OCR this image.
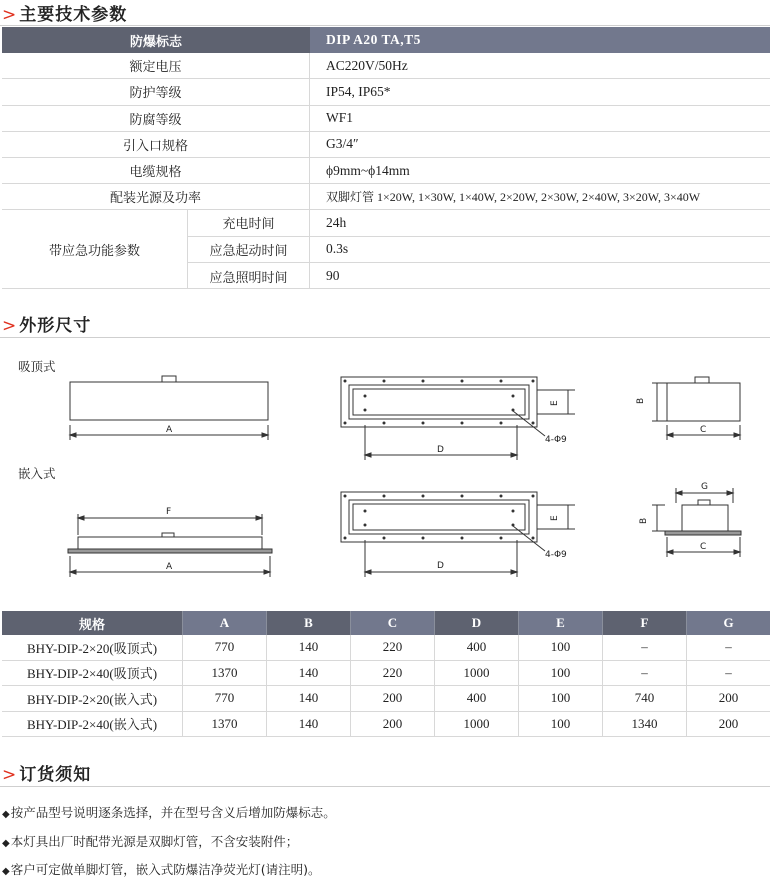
> 主要技术参数
防爆标志	DIP A20 TA,T5
额定电压	AC220V/50Hz
防护等级	IP54, IP65*
防腐等级	WF1
引入口规格	G3/4″
电缆规格	ϕ9mm~ϕ14mm
配装光源及功率	双脚灯管 1×20W, 1×30W, 1×40W, 2×20W, 2×30W, 2×40W, 3×20W, 3×40W
带应急功能参数
充电时间	24h
应急起动时间	0.3s
应急照明时间	90
> 外形尺寸
吸顶式
嵌入式
A
D
E
4-Φ9
B
C
F
A	D
E
4-Φ9
G
B
C
规格	A	B	C	D	E	F	G
BHY-DIP-2×20(吸顶式)	770	140	220	400	100	–	–
BHY-DIP-2×40(吸顶式)	1370	140	220	1000	100	–	–
BHY-DIP-2×20(嵌入式)	770	140	200	400	100	740	200
BHY-DIP-2×40(嵌入式)	1370	140	200	1000	100	1340	200
> 订货须知
◆ 按产品型号说明逐条选择，并在型号含义后增加防爆标志。
◆ 本灯具出厂时配带光源是双脚灯管，不含安装附件；
◆ 客户可定做单脚灯管，嵌入式防爆洁净荧光灯(请注明)。
